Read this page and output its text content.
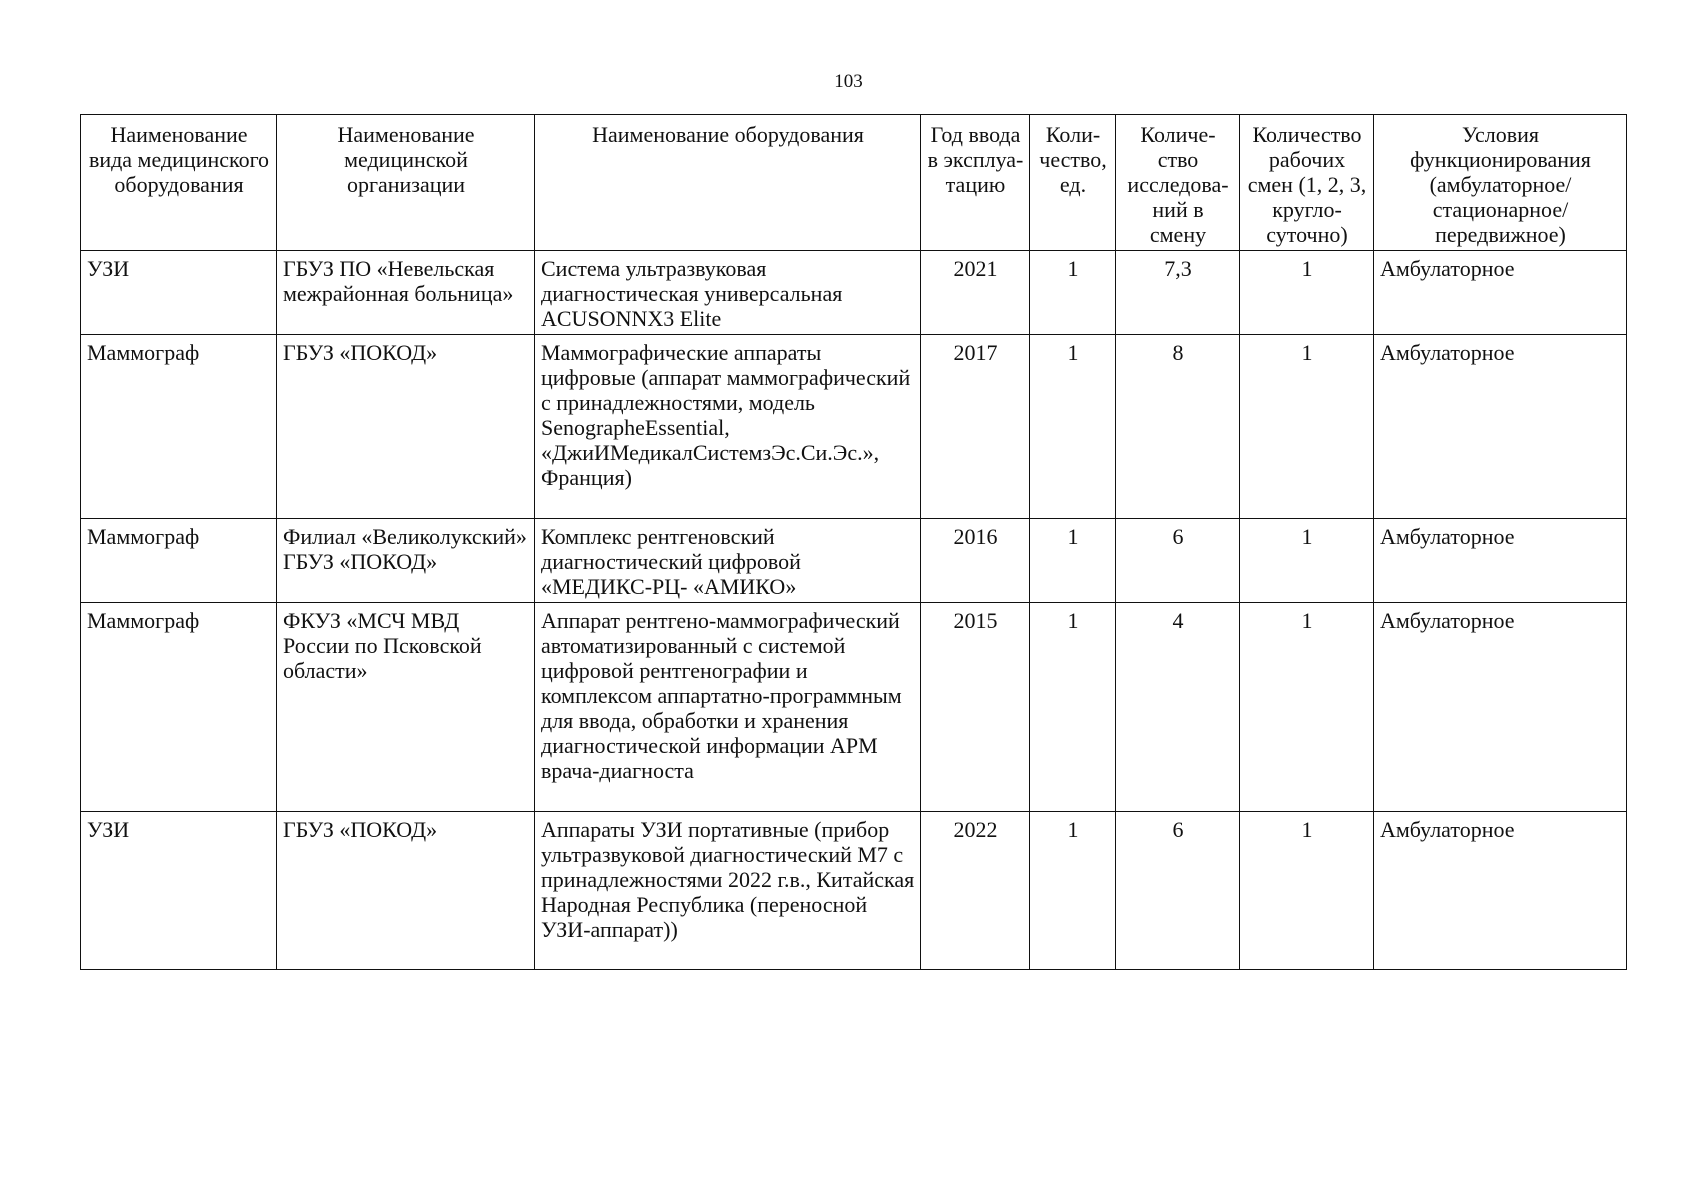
103
Наименование вида медицинского оборудования	Наименование медицинской организации	Наименование оборудования	Год ввода в эксплуа-тацию	Коли-чество, ед.	Количе-ство исследова-ний в смену	Количество рабочих смен (1, 2, 3, кругло-суточно)	Условия функционирования (амбулаторное/ стационарное/ передвижное)
УЗИ	ГБУЗ ПО «Невельская межрайонная больница»	Система ультразвуковая диагностическая универсальная ACUSONNX3 Elite	2021	1	7,3	1	Амбулаторное
Маммограф	ГБУЗ «ПОКОД»	Маммографические аппараты цифровые (аппарат маммографический с принадлежностями, модель SenographeEssential, «ДжиИМедикалСистемзЭс.Си.Эс.», Франция)	2017	1	8	1	Амбулаторное
Маммограф	Филиал «Великолукский» ГБУЗ «ПОКОД»	Комплекс рентгеновский диагностический цифровой «МЕДИКС-РЦ- «АМИКО»	2016	1	6	1	Амбулаторное
Маммограф	ФКУЗ «МСЧ МВД России по Псковской области»	Аппарат рентгено-маммографический автоматизированный с системой цифровой рентгенографии и комплексом аппартатно-программным для ввода, обработки и хранения диагностической информации АРМ врача-диагноста	2015	1	4	1	Амбулаторное
УЗИ	ГБУЗ «ПОКОД»	Аппараты УЗИ портативные (прибор ультразвуковой диагностический М7 с принадлежностями 2022 г.в., Китайская Народная Республика (переносной УЗИ-аппарат))	2022	1	6	1	Амбулаторное
